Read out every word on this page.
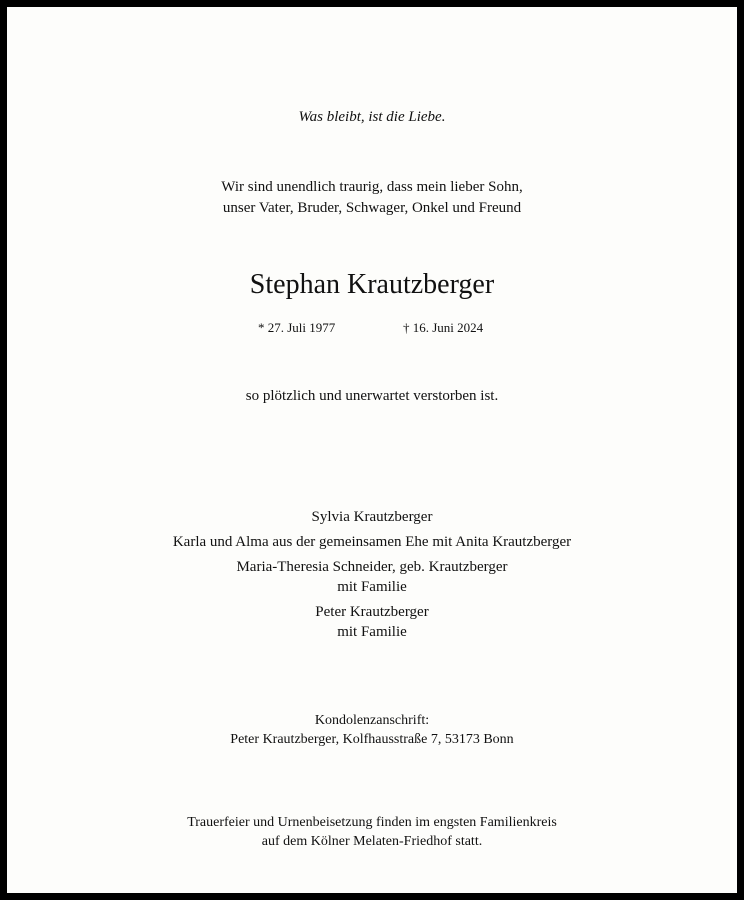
Was bleibt, ist die Liebe.
Wir sind unendlich traurig, dass mein lieber Sohn,
unser Vater, Bruder, Schwager, Onkel und Freund
Stephan Krautzberger
* 27. Juli 1977	† 16. Juni 2024
so plötzlich und unerwartet verstorben ist.
Sylvia Krautzberger
Karla und Alma aus der gemeinsamen Ehe mit Anita Krautzberger
Maria-Theresia Schneider, geb. Krautzberger
mit Familie
Peter Krautzberger
mit Familie
Kondolenzanschrift:
Peter Krautzberger, Kolfhausstraße 7, 53173 Bonn
Trauerfeier und Urnenbeisetzung finden im engsten Familienkreis
auf dem Kölner Melaten-Friedhof statt.
